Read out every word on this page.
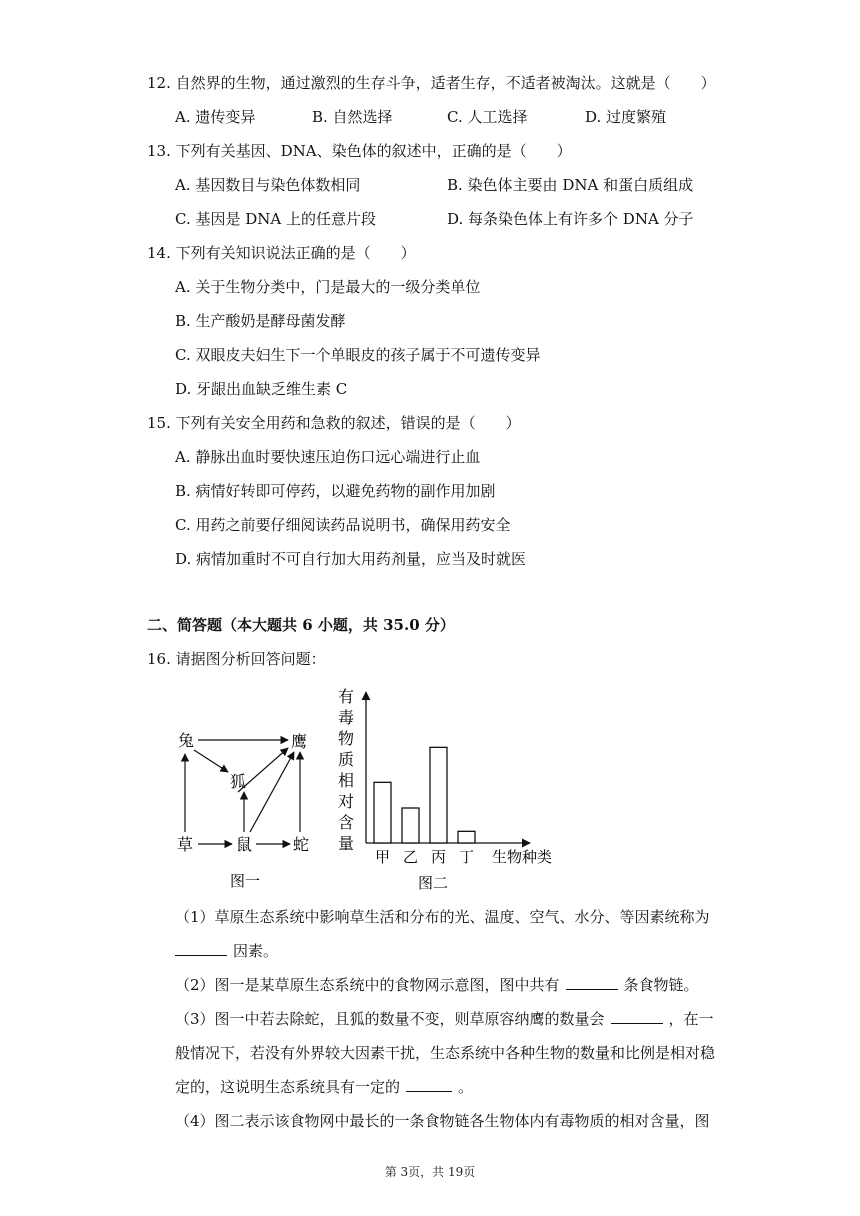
12. 自然界的生物，通过激烈的生存斗争，适者生存，不适者被淘汰。这就是（　　）
A. 遗传变异	B. 自然选择	C. 人工选择	D. 过度繁殖
13. 下列有关基因、DNA、染色体的叙述中，正确的是（　　）
A. 基因数目与染色体数相同	B. 染色体主要由 DNA 和蛋白质组成
C. 基因是 DNA 上的任意片段	D. 每条染色体上有许多个 DNA 分子
14. 下列有关知识说法正确的是（　　）
A. 关于生物分类中，门是最大的一级分类单位
B. 生产酸奶是酵母菌发酵
C. 双眼皮夫妇生下一个单眼皮的孩子属于不可遗传变异
D. 牙龈出血缺乏维生素 C
15. 下列有关安全用药和急救的叙述，错误的是（　　）
A. 静脉出血时要快速压迫伤口远心端进行止血
B. 病情好转即可停药，以避免药物的副作用加剧
C. 用药之前要仔细阅读药品说明书，确保用药安全
D. 病情加重时不可自行加大用药剂量，应当及时就医
二、简答题（本大题共 6 小题，共 35.0 分）
16. 请据图分析回答问题：
兔	鹰
狐
草	鼠	蛇
图一
有
毒
物
质
相
对
含
量
甲 乙 丙 丁 生物种类
图二
（1）草原生态系统中影响草生活和分布的光、温度、空气、水分、等因素统称为
因素。
（2）图一是某草原生态系统中的食物网示意图，图中共有	条食物链。
（3）图一中若去除蛇，且狐的数量不变，则草原容纳鹰的数量会	，在一
般情况下，若没有外界较大因素干扰，生态系统中各种生物的数量和比例是相对稳
定的，这说明生态系统具有一定的	。
（4）图二表示该食物网中最长的一条食物链各生物体内有毒物质的相对含量，图
第 3页，共 19页
